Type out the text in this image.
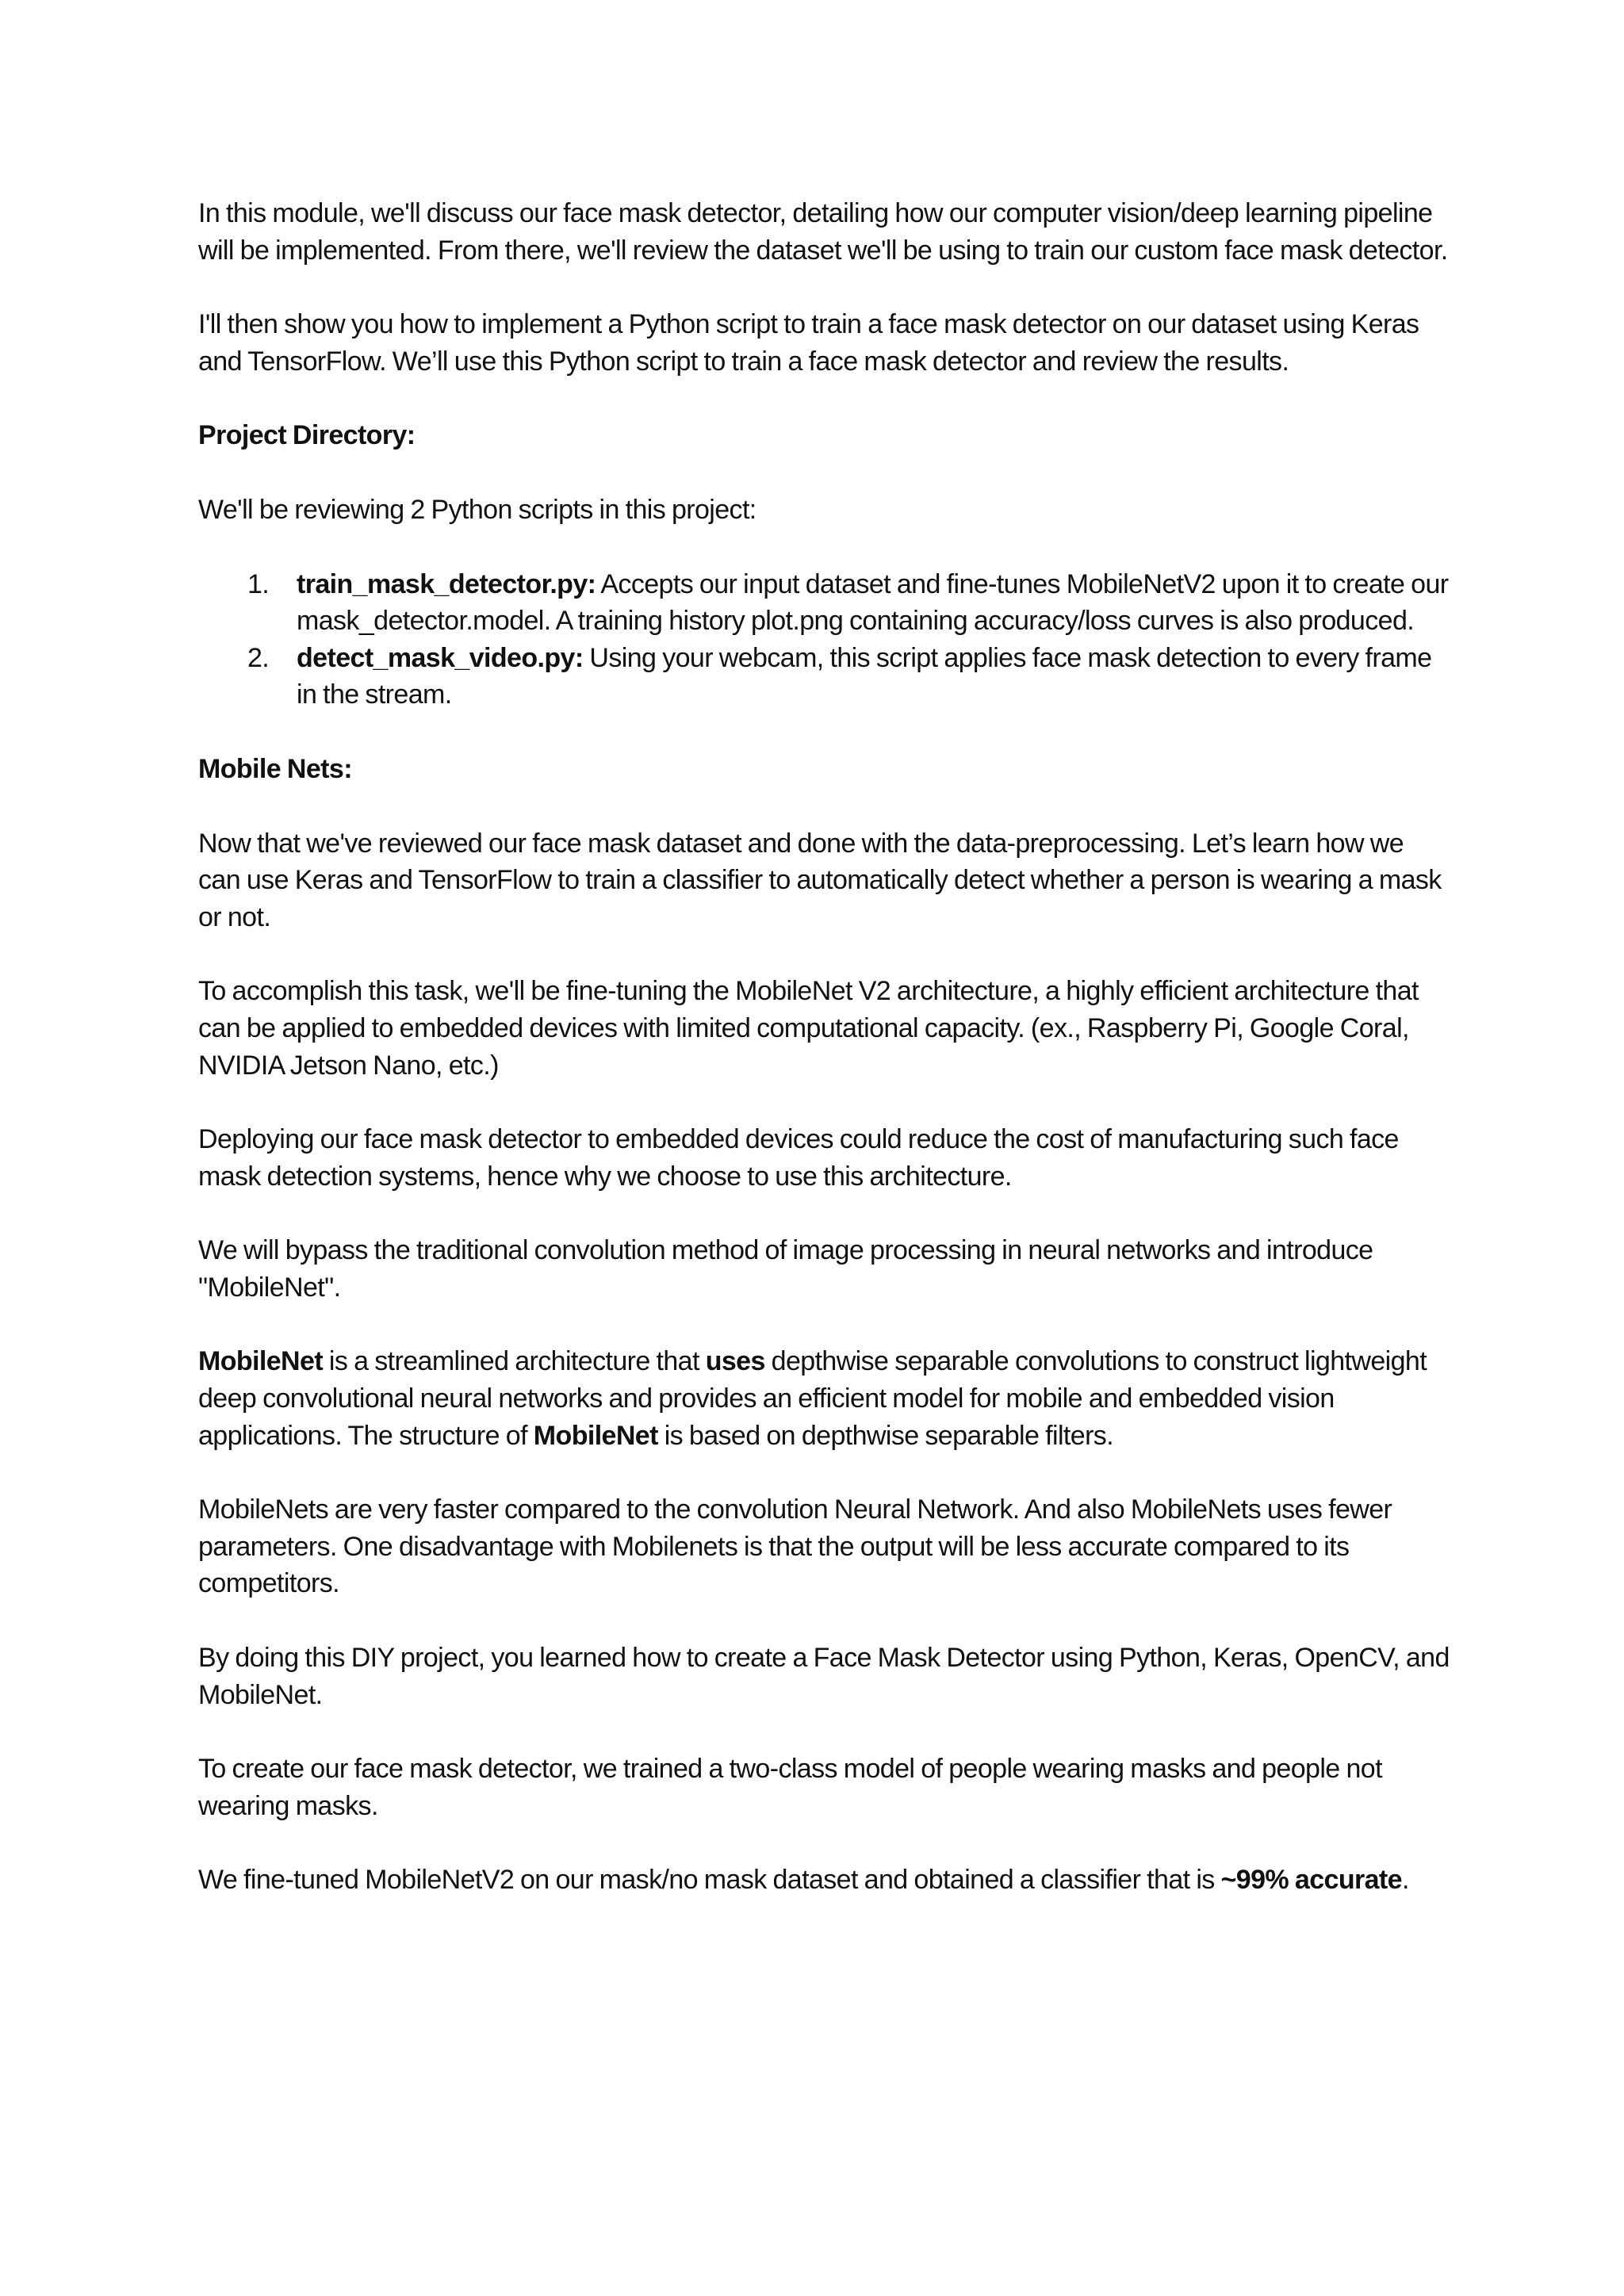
In this module, we'll discuss our face mask detector, detailing how our computer vision/deep learning pipeline will be implemented. From there, we'll review the dataset we'll be using to train our custom face mask detector.

I'll then show you how to implement a Python script to train a face mask detector on our dataset using Keras and TensorFlow. We’ll use this Python script to train a face mask detector and review the results.

Project Directory:

We'll be reviewing 2 Python scripts in this project:

1. train_mask_detector.py: Accepts our input dataset and fine-tunes MobileNetV2 upon it to create our mask_detector.model. A training history plot.png containing accuracy/loss curves is also produced.
2. detect_mask_video.py: Using your webcam, this script applies face mask detection to every frame in the stream.
Mobile Nets:

Now that we've reviewed our face mask dataset and done with the data-preprocessing. Let’s learn how we can use Keras and TensorFlow to train a classifier to automatically detect whether a person is wearing a mask or not.

To accomplish this task, we'll be fine-tuning the MobileNet V2 architecture, a highly efficient architecture that can be applied to embedded devices with limited computational capacity. (ex., Raspberry Pi, Google Coral, NVIDIA Jetson Nano, etc.)

Deploying our face mask detector to embedded devices could reduce the cost of manufacturing such face mask detection systems, hence why we choose to use this architecture.

We will bypass the traditional convolution method of image processing in neural networks and introduce "MobileNet".

MobileNet is a streamlined architecture that uses depthwise separable convolutions to construct lightweight deep convolutional neural networks and provides an efficient model for mobile and embedded vision applications. The structure of MobileNet is based on depthwise separable filters.

MobileNets are very faster compared to the convolution Neural Network. And also MobileNets uses fewer parameters. One disadvantage with Mobilenets is that the output will be less accurate compared to its competitors.

By doing this DIY project, you learned how to create a Face Mask Detector using Python, Keras, OpenCV, and MobileNet.

To create our face mask detector, we trained a two-class model of people wearing masks and people not wearing masks.

We fine-tuned MobileNetV2 on our mask/no mask dataset and obtained a classifier that is ~99% accurate.
